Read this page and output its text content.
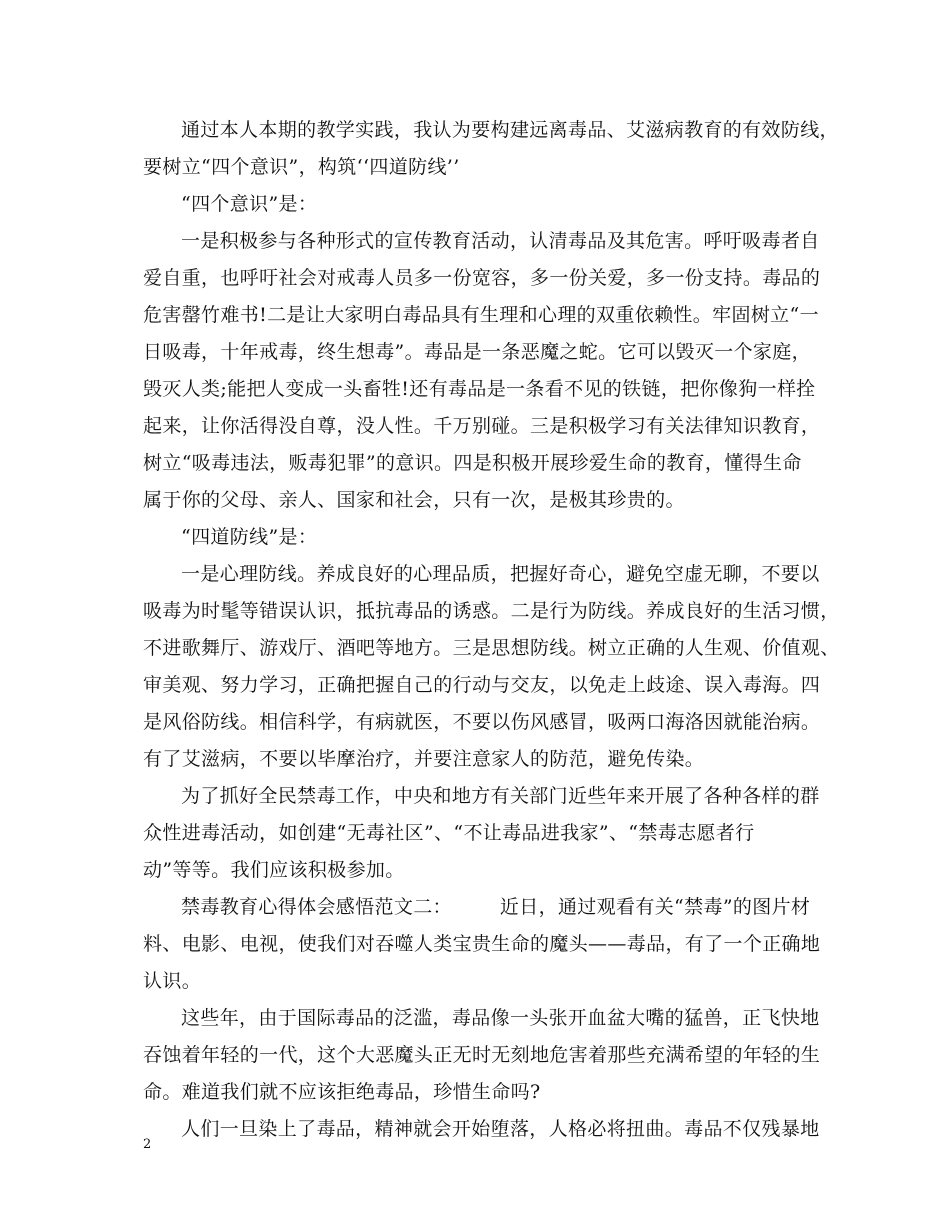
通过本人本期的教学实践，我认为要构建远离毒品、艾滋病教育的有效防线，
要树立“四个意识”，构筑‘‘四道防线’’
“四个意识”是：
一是积极参与各种形式的宣传教育活动，认清毒品及其危害。呼吁吸毒者自
爱自重，也呼吁社会对戒毒人员多一份宽容，多一份关爱，多一份支持。毒品的
危害罄竹难书!二是让大家明白毒品具有生理和心理的双重依赖性。牢固树立“一
日吸毒，十年戒毒，终生想毒”。毒品是一条恶魔之蛇。它可以毁灭一个家庭，
毁灭人类;能把人变成一头畜牲!还有毒品是一条看不见的铁链，把你像狗一样拴
起来，让你活得没自尊，没人性。千万别碰。三是积极学习有关法律知识教育，
树立“吸毒违法，贩毒犯罪”的意识。四是积极开展珍爱生命的教育，懂得生命
属于你的父母、亲人、国家和社会，只有一次，是极其珍贵的。
“四道防线”是：
一是心理防线。养成良好的心理品质，把握好奇心，避免空虚无聊，不要以
吸毒为时髦等错误认识，抵抗毒品的诱惑。二是行为防线。养成良好的生活习惯，
不进歌舞厅、游戏厅、酒吧等地方。三是思想防线。树立正确的人生观、价值观、
审美观、努力学习，正确把握自己的行动与交友，以免走上歧途、误入毒海。四
是风俗防线。相信科学，有病就医，不要以伤风感冒，吸两口海洛因就能治病。
有了艾滋病，不要以毕摩治疗，并要注意家人的防范，避免传染。
为了抓好全民禁毒工作，中央和地方有关部门近些年来开展了各种各样的群
众性进毒活动，如创建“无毒社区”、“不让毒品进我家”、“禁毒志愿者行
动”等等。我们应该积极参加。
禁毒教育心得体会感悟范文二：	近日，通过观看有关“禁毒”的图片材
料、电影、电视，使我们对吞噬人类宝贵生命的魔头——毒品，有了一个正确地
认识。
这些年，由于国际毒品的泛滥，毒品像一头张开血盆大嘴的猛兽，正飞快地
吞蚀着年轻的一代，这个大恶魔头正无时无刻地危害着那些充满希望的年轻的生
命。难道我们就不应该拒绝毒品，珍惜生命吗?
人们一旦染上了毒品，精神就会开始堕落，人格必将扭曲。毒品不仅残暴地
2
